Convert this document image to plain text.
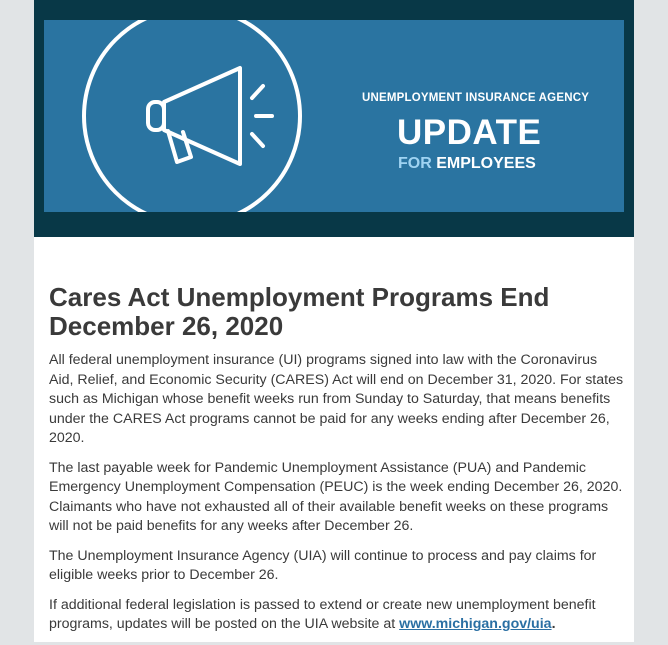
UNEMPLOYMENT INSURANCE AGENCY
UPDATE
FOR EMPLOYEES
Cares Act Unemployment Programs End December 26, 2020

All federal unemployment insurance (UI) programs signed into law with the Coronavirus Aid, Relief, and Economic Security (CARES) Act will end on December 31, 2020. For states such as Michigan whose benefit weeks run from Sunday to Saturday, that means benefits under the CARES Act programs cannot be paid for any weeks ending after December 26, 2020.

The last payable week for Pandemic Unemployment Assistance (PUA) and Pandemic Emergency Unemployment Compensation (PEUC) is the week ending December 26, 2020. Claimants who have not exhausted all of their available benefit weeks on these programs will not be paid benefits for any weeks after December 26.

The Unemployment Insurance Agency (UIA) will continue to process and pay claims for eligible weeks prior to December 26.

If additional federal legislation is passed to extend or create new unemployment benefit programs, updates will be posted on the UIA website at www.michigan.gov/uia.
